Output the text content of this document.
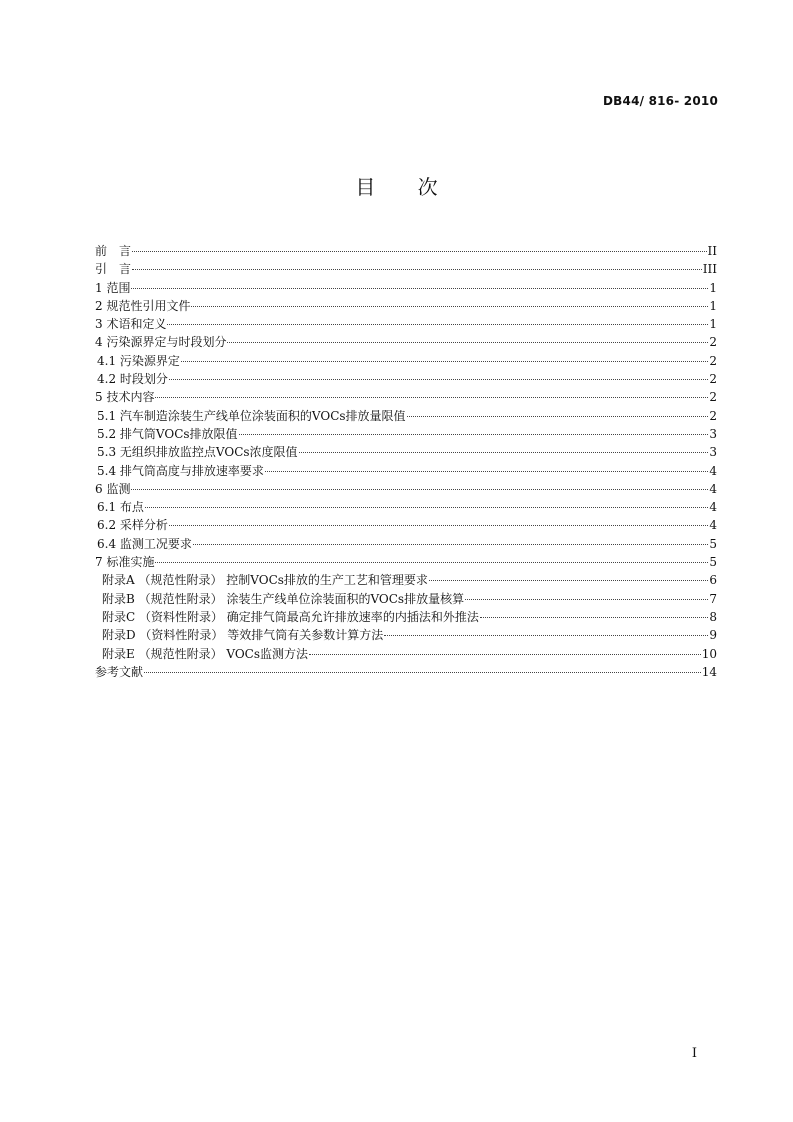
DB44/ 816- 2010
目 次
前　言	II
引　言	III
1 范围	1
2 规范性引用文件	1
3 术语和定义	1
4 污染源界定与时段划分	2
4.1 污染源界定	2
4.2 时段划分	2
5 技术内容	2
5.1 汽车制造涂装生产线单位涂装面积的VOCs排放量限值	2
5.2 排气筒VOCs排放限值	3
5.3 无组织排放监控点VOCs浓度限值	3
5.4 排气筒高度与排放速率要求	4
6 监测	4
6.1 布点	4
6.2 采样分析	4
6.4 监测工况要求	5
7 标准实施	5
附录A （规范性附录） 控制VOCs排放的生产工艺和管理要求	6
附录B （规范性附录） 涂装生产线单位涂装面积的VOCs排放量核算	7
附录C （资料性附录） 确定排气筒最高允许排放速率的内插法和外推法	8
附录D （资料性附录） 等效排气筒有关参数计算方法	9
附录E （规范性附录） VOCs监测方法	10
参考文献	14
I
